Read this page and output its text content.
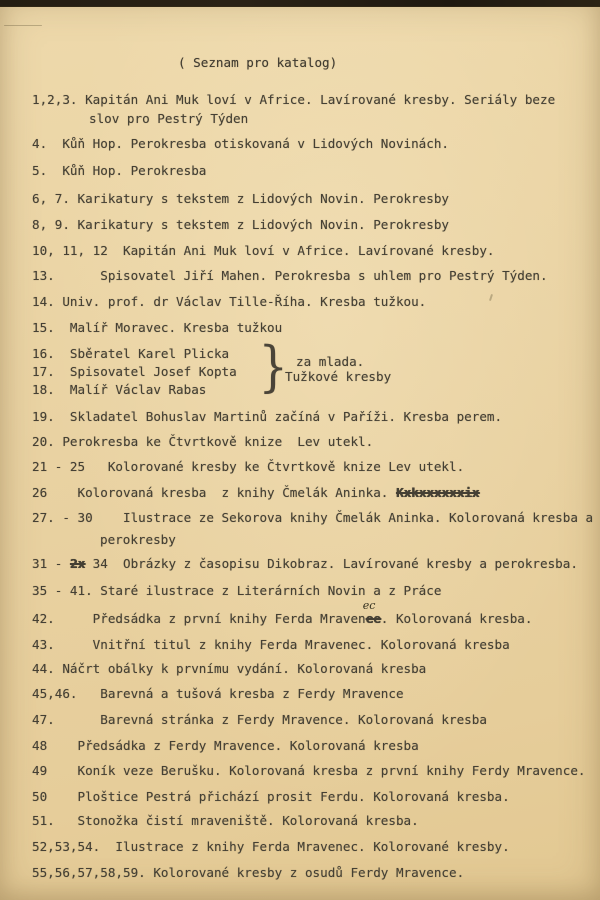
( Seznam pro katalog)
1,2,3. Kapitán Ani Muk loví v Africe. Lavírované kresby. Seriály beze
slov pro Pestrý Týden
4.  Kůň Hop. Perokresba otiskovaná v Lidových Novinách.
5.  Kůň Hop. Perokresba
6, 7. Karikatury s tekstem z Lidových Novin. Perokresby
8, 9. Karikatury s tekstem z Lidových Novin. Perokresby
10, 11, 12  Kapitán Ani Muk loví v Africe. Lavírované kresby.
13.      Spisovatel Jiří Mahen. Perokresba s uhlem pro Pestrý Týden.
14. Univ. prof. dr Václav Tille-Říha. Kresba tužkou.
15.  Malíř Moravec. Kresba tužkou
16.  Sběratel Karel Plicka
17.  Spisovatel Josef Kopta
18.  Malíř Václav Rabas } za mlada.
Tužkové kresby
19.  Skladatel Bohuslav Martinů začíná v Paříži. Kresba perem.
20. Perokresba ke Čtvrtkově knize  Lev utekl.
21 - 25   Kolorované kresby ke Čtvrtkově knize Lev utekl.
26    Kolorovaná kresba  z knihy Čmelák Aninka. Kxkxxxxxxix
27. - 30    Ilustrace ze Sekorova knihy Čmelák Aninka. Kolorovaná kresba a
perokresby
31 - 2x 34  Obrázky z časopisu Dikobraz. Lavírované kresby a perokresba.
35 - 41. Staré ilustrace z Literárních Novin a z Práce
42.     Předsádka z první knihy Ferda Mravenee
ec
. Kolorovaná kresba.
43.     Vnitřní titul z knihy Ferda Mravenec. Kolorovaná kresba
44. Náčrt obálky k prvnímu vydání. Kolorovaná kresba
45,46.   Barevná a tušová kresba z Ferdy Mravence
47.      Barevná stránka z Ferdy Mravence. Kolorovaná kresba
48    Předsádka z Ferdy Mravence. Kolorovaná kresba
49    Koník veze Berušku. Kolorovaná kresba z první knihy Ferdy Mravence.
50    Ploštice Pestrá přichází prosit Ferdu. Kolorovaná kresba.
51.   Stonožka čistí mraveniště. Kolorovaná kresba.
52,53,54.  Ilustrace z knihy Ferda Mravenec. Kolorované kresby.
55,56,57,58,59. Kolorované kresby z osudů Ferdy Mravence.
